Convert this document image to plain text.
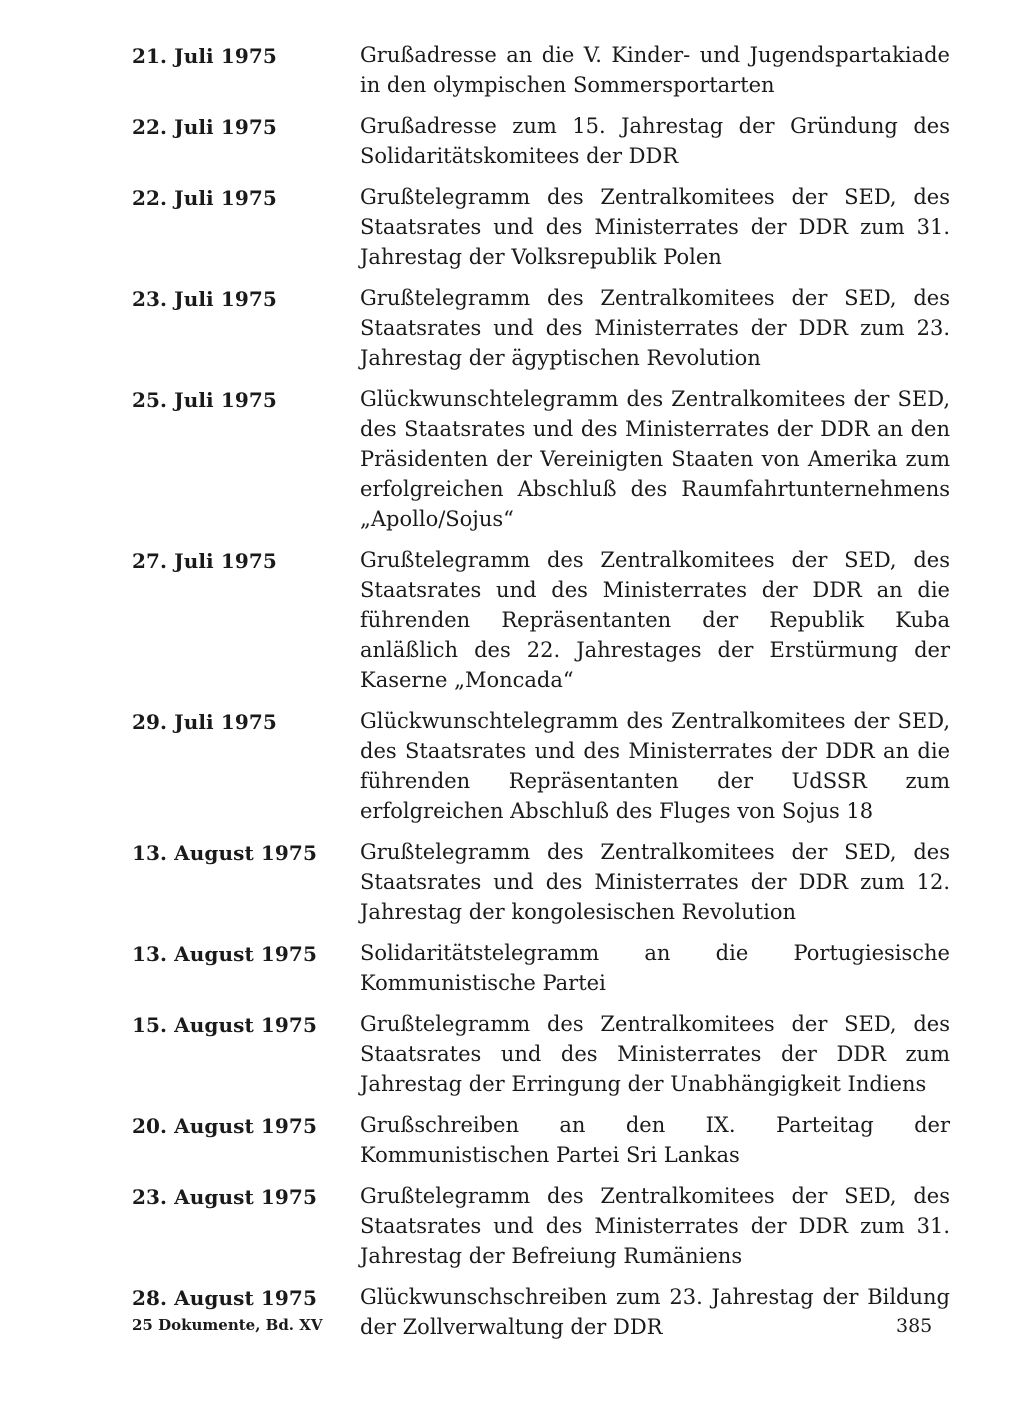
21. Juli 1975	Grußadresse an die V. Kinder- und Jugendspartakiade in den olympischen Sommersportarten
22. Juli 1975	Grußadresse zum 15. Jahrestag der Gründung des Solidaritätskomitees der DDR
22. Juli 1975	Grußtelegramm des Zentralkomitees der SED, des Staatsrates und des Ministerrates der DDR zum 31. Jahrestag der Volksrepublik Polen
23. Juli 1975	Grußtelegramm des Zentralkomitees der SED, des Staatsrates und des Ministerrates der DDR zum 23. Jahrestag der ägyptischen Revolution
25. Juli 1975	Glückwunschtelegramm des Zentralkomitees der SED, des Staatsrates und des Ministerrates der DDR an den Präsidenten der Vereinigten Staaten von Amerika zum erfolgreichen Abschluß des Raumfahrtunternehmens „Apollo/Sojus“
27. Juli 1975	Grußtelegramm des Zentralkomitees der SED, des Staatsrates und des Ministerrates der DDR an die führenden Repräsentanten der Republik Kuba anläßlich des 22. Jahrestages der Erstürmung der Kaserne „Moncada“
29. Juli 1975	Glückwunschtelegramm des Zentralkomitees der SED, des Staatsrates und des Ministerrates der DDR an die führenden Repräsentanten der UdSSR zum erfolgreichen Abschluß des Fluges von Sojus 18
13. August 1975	Grußtelegramm des Zentralkomitees der SED, des Staatsrates und des Ministerrates der DDR zum 12. Jahrestag der kongolesischen Revolution
13. August 1975	Solidaritätstelegramm an die Portugiesische Kommunistische Partei
15. August 1975	Grußtelegramm des Zentralkomitees der SED, des Staatsrates und des Ministerrates der DDR zum Jahrestag der Erringung der Unabhängigkeit Indiens
20. August 1975	Grußschreiben an den IX. Parteitag der Kommunistischen Partei Sri Lankas
23. August 1975	Grußtelegramm des Zentralkomitees der SED, des Staatsrates und des Ministerrates der DDR zum 31. Jahrestag der Befreiung Rumäniens
28. August 1975	Glückwunschschreiben zum 23. Jahrestag der Bildung der Zollverwaltung der DDR
25 Dokumente, Bd. XV	385
